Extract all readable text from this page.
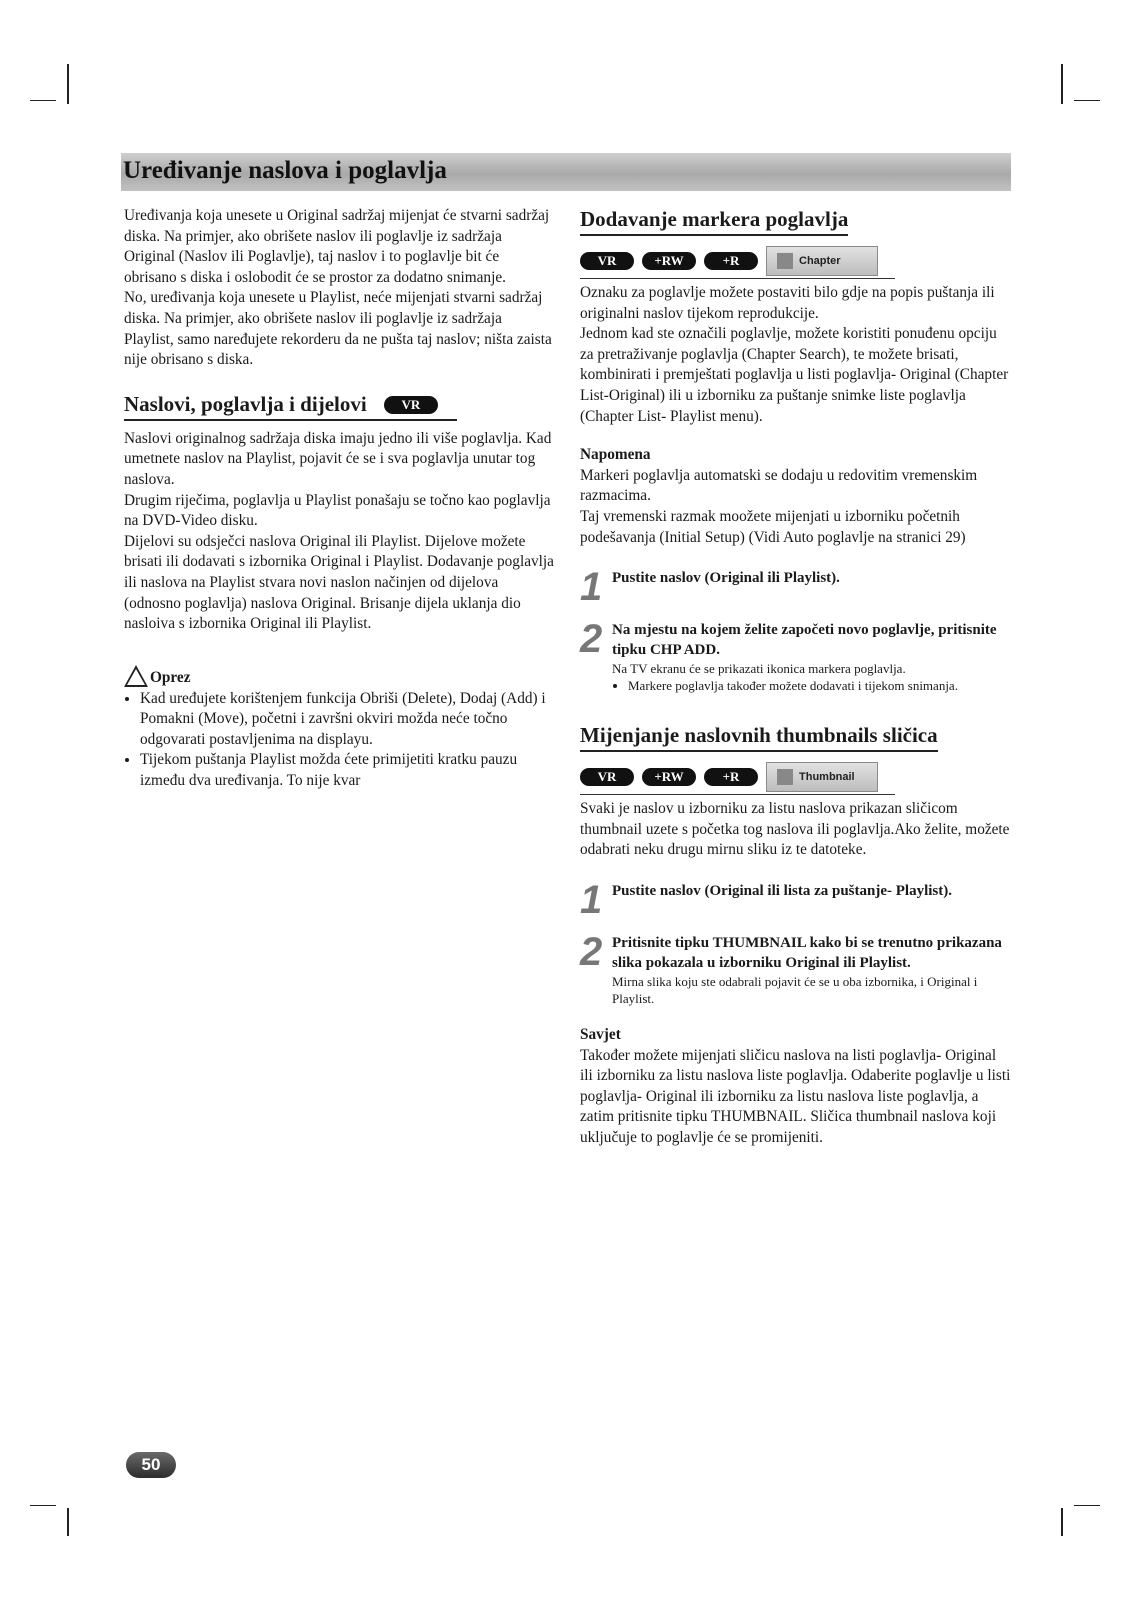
Uređivanje naslova i poglavlja

Uređivanja koja unesete u Original sadržaj mijenjat će stvarni sadržaj diska. Na primjer, ako obrišete naslov ili poglavlje iz sadržaja Original (Naslov ili Poglavlje), taj naslov i to poglavlje bit će obrisano s diska i oslobodit će se prostor za dodatno snimanje.

No, uređivanja koja unesete u Playlist, neće mijenjati stvarni sadržaj diska. Na primjer, ako obrišete naslov ili poglavlje iz sadržaja Playlist, samo naređujete rekorderu da ne pušta taj naslov; ništa zaista nije obrisano s diska.

Naslovi, poglavlja i dijelovi	VR

Naslovi originalnog sadržaja diska imaju jedno ili više poglavlja. Kad umetnete naslov na Playlist, pojavit će se i sva poglavlja unutar tog naslova.

Drugim riječima, poglavlja u Playlist ponašaju se točno kao poglavlja na DVD-Video disku.

Dijelovi su odsječci naslova Original ili Playlist. Dijelove možete brisati ili dodavati s izbornika Original i Playlist. Dodavanje poglavlja ili naslova na Playlist stvara novi naslon načinjen od dijelova (odnosno poglavlja) naslova Original. Brisanje dijela uklanja dio nasloiva s izbornika Original ili Playlist.

! Oprez
• Kad uređujete korištenjem funkcija Obriši (Delete), Dodaj (Add) i Pomakni (Move), početni i završni okviri možda neće točno odgovarati postavljenima na displayu.
• Tijekom puštanja Playlist možda ćete primijetiti kratku pauzu između dva uređivanja. To nije kvar
Dodavanje markera poglavlja
VR	+RW	+R	Chapter

Oznaku za poglavlje možete postaviti bilo gdje na popis puštanja ili originalni naslov tijekom reprodukcije.

Jednom kad ste označili poglavlje, možete koristiti ponuđenu opciju za pretraživanje poglavlja (Chapter Search), te možete brisati, kombinirati i premještati poglavlja u listi poglavlja- Original (Chapter List-Original) ili u izborniku za puštanje snimke liste poglavlja (Chapter List- Playlist menu).

Napomena

Markeri poglavlja automatski se dodaju u redovitim vremenskim razmacima.

Taj vremenski razmak moožete mijenjati u izborniku početnih podešavanja (Initial Setup) (Vidi Auto poglavlje na stranici 29)

1 Pustite naslov (Original ili Playlist).
2 Na mjestu na kojem želite započeti novo poglavlje, pritisnite tipku CHP ADD.
Na TV ekranu će se prikazati ikonica markera poglavlja.
• Markere poglavlja također možete dodavati i tijekom snimanja.
Mijenjanje naslovnih thumbnails sličica
VR	+RW	+R	Thumbnail

Svaki je naslov u izborniku za listu naslova prikazan sličicom thumbnail uzete s početka tog naslova ili poglavlja.Ako želite, možete odabrati neku drugu mirnu sliku iz te datoteke.

1 Pustite naslov (Original ili lista za puštanje- Playlist).
2 Pritisnite tipku THUMBNAIL kako bi se trenutno prikazana slika pokazala u izborniku Original ili Playlist.
Mirna slika koju ste odabrali pojavit će se u oba izbornika, i Original i Playlist.

Savjet

Također možete mijenjati sličicu naslova na listi poglavlja- Original ili izborniku za listu naslova liste poglavlja. Odaberite poglavlje u listi poglavlja- Original ili izborniku za listu naslova liste poglavlja, a zatim pritisnite tipku THUMBNAIL. Sličica thumbnail naslova koji uključuje to poglavlje će se promijeniti.

50
